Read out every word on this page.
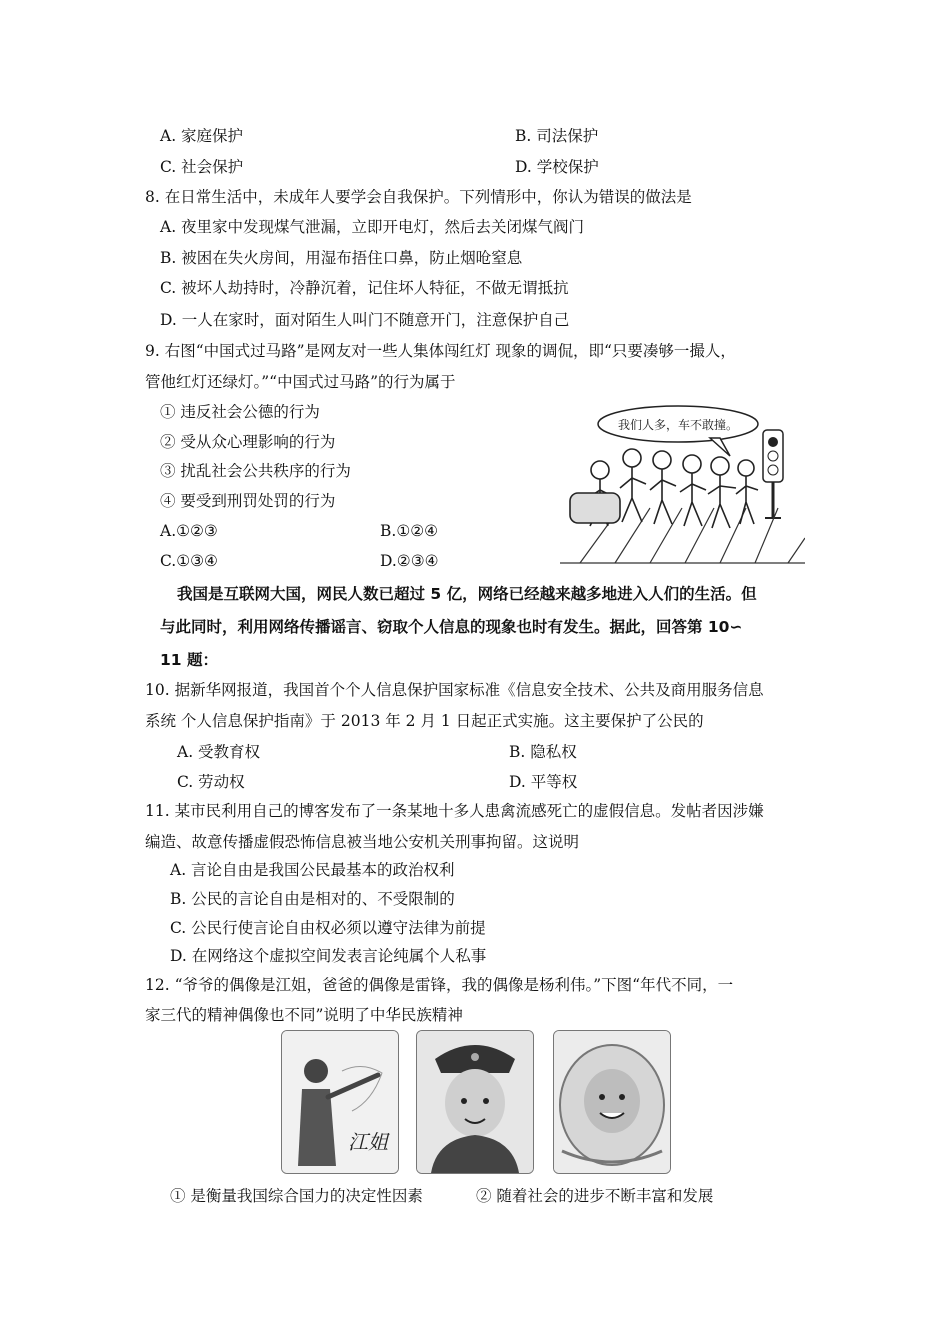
A. 家庭保护	B. 司法保护
C. 社会保护	D. 学校保护
8. 在日常生活中，未成年人要学会自我保护。下列情形中，你认为错误的做法是
A. 夜里家中发现煤气泄漏，立即开电灯，然后去关闭煤气阀门
B. 被困在失火房间，用湿布捂住口鼻，防止烟呛窒息
C. 被坏人劫持时，冷静沉着，记住坏人特征，不做无谓抵抗
D. 一人在家时，面对陌生人叫门不随意开门，注意保护自己
9. 右图“中国式过马路”是网友对一些人集体闯红灯 现象的调侃，即“只要凑够一撮人，
管他红灯还绿灯。”“中国式过马路”的行为属于
① 违反社会公德的行为
② 受从众心理影响的行为
③ 扰乱社会公共秩序的行为
④ 要受到刑罚处罚的行为
A.①②③	B.①②④
C.①③④	D.②③④
我们人多，车不敢撞。
我国是互联网大国，网民人数已超过 5 亿，网络已经越来越多地进入人们的生活。但
与此同时，利用网络传播谣言、窃取个人信息的现象也时有发生。据此，回答第 10∽
11 题：
10. 据新华网报道，我国首个个人信息保护国家标准《信息安全技术、公共及商用服务信息
系统 个人信息保护指南》于 2013 年 2 月 1 日起正式实施。这主要保护了公民的
A. 受教育权	B. 隐私权
C. 劳动权	D. 平等权
11. 某市民利用自己的博客发布了一条某地十多人患禽流感死亡的虚假信息。发帖者因涉嫌
编造、故意传播虚假恐怖信息被当地公安机关刑事拘留。这说明
A. 言论自由是我国公民最基本的政治权利
B. 公民的言论自由是相对的、不受限制的
C. 公民行使言论自由权必须以遵守法律为前提
D. 在网络这个虚拟空间发表言论纯属个人私事
12. “爷爷的偶像是江姐，爸爸的偶像是雷锋，我的偶像是杨利伟。”下图“年代不同，一
家三代的精神偶像也不同”说明了中华民族精神
江姐
① 是衡量我国综合国力的决定性因素	② 随着社会的进步不断丰富和发展
